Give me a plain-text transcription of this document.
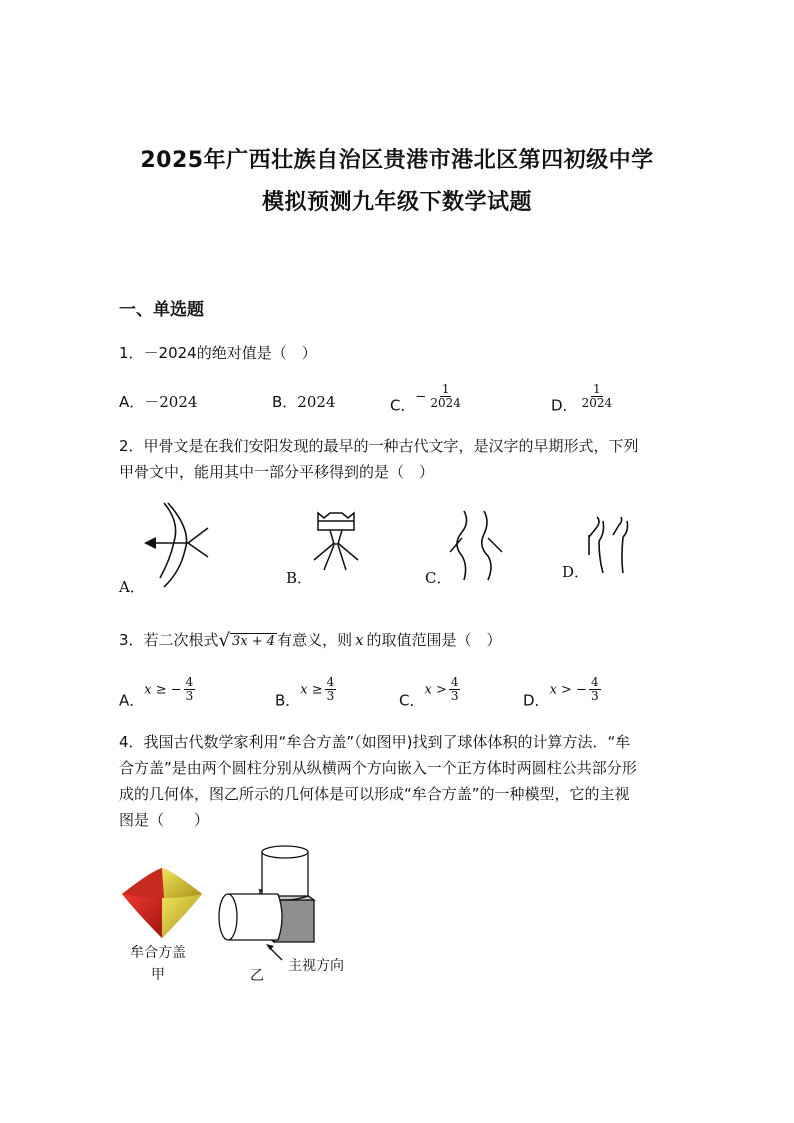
2025年广西壮族自治区贵港市港北区第四初级中学
模拟预测九年级下数学试题
一、单选题
1．－2024的绝对值是（　）
A．－2024	B．2024	C．− $\frac{1}{2024}$	D． $\frac{1}{2024}$
2．甲骨文是在我们安阳发现的最早的一种古代文字，是汉字的早期形式，下列
甲骨文中，能用其中一部分平移得到的是（　）
A．	B．	C．	D．
3．若二次根式 √ 3x + 4 有意义，则 x 的取值范围是（　）
A．x ≥ − $\frac{4}{3}$	B．$x \ge \frac{4}{3}$	C．$x > \frac{4}{3}$	D．x > − $\frac{4}{3}$
4．我国古代数学家利用“牟合方盖”（如图甲)找到了球体体积的计算方法．“牟
合方盖”是由两个圆柱分别从纵横两个方向嵌入一个正方体时两圆柱公共部分形
成的几何体，图乙所示的几何体是可以形成“牟合方盖”的一种模型，它的主视
图是（　　）
牟合方盖
甲
主视方向
乙
